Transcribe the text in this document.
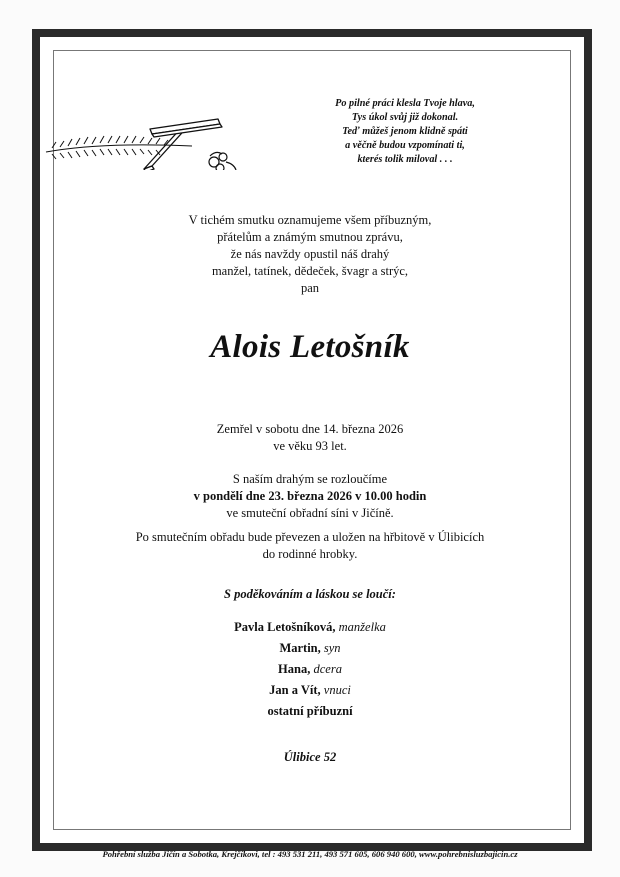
Po pilné práci klesla Tvoje hlava,
Tys úkol svůj již dokonal.
Teď můžeš jenom klidně spáti
a věčně budou vzpomínati ti,
kterés tolik miloval . . .
V tichém smutku oznamujeme všem příbuzným,
přátelům a známým smutnou zprávu,
že nás navždy opustil náš drahý
manžel, tatínek, dědeček, švagr a strýc,
pan
Alois Letošník
Zemřel v sobotu dne 14. března 2026
ve věku 93 let.
S naším drahým se rozloučíme
v pondělí dne 23. března 2026 v 10.00 hodin
ve smuteční obřadní síni v Jičíně.
Po smutečním obřadu bude převezen a uložen na hřbitově v Úlibicích
do rodinné hrobky.
S poděkováním a láskou se loučí:
Pavla Letošníková, manželka
Martin, syn
Hana, dcera
Jan a Vít, vnuci
ostatní příbuzní
Úlibice 52
Pohřební služba Jičín a Sobotka, Krejčíkovi, tel : 493 531 211, 493 571 605, 606 940 600, www.pohrebnisluzbajicin.cz
